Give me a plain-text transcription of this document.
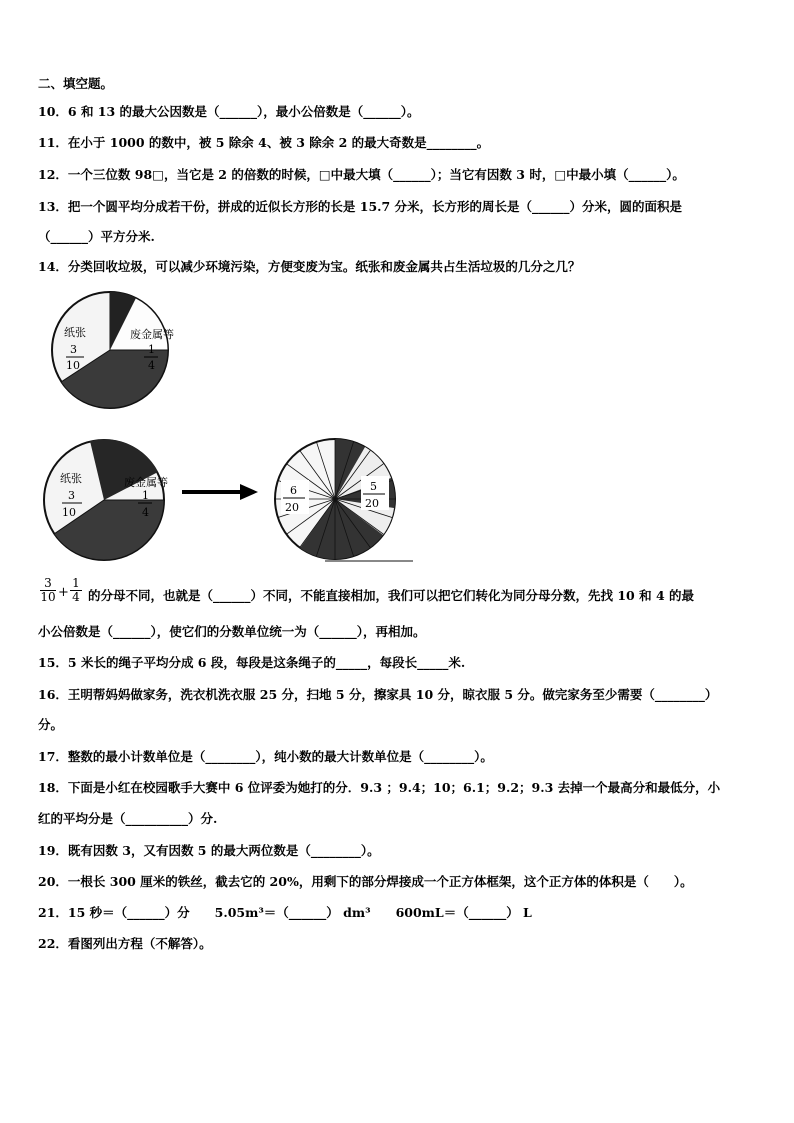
二、填空题。
10．6 和 13 的最大公因数是（______），最小公倍数是（______）。
11．在小于 1000 的数中，被 5 除余 4、被 3 除余 2 的最大奇数是________。
12．一个三位数 98□，当它是 2 的倍数的时候，□中最大填（______）；当它有因数 3 时，□中最小填（______）。
13．把一个圆平均分成若干份，拼成的近似长方形的长是 15.7 分米，长方形的周长是（______）分米，圆的面积是
（______）平方分米.
14．分类回收垃圾，可以减少环境污染，方便变废为宝。纸张和废金属共占生活垃圾的几分之几？
纸张
3
10
废金属等
1
4
纸张
3
10
废金属等
1
4
6
20
5
20
$\frac{3}{10} + \frac{1}{4}$ 的分母不同，也就是（______）不同，不能直接相加，我们可以把它们转化为同分母分数，先找 10 和 4 的最
小公倍数是（______），使它们的分数单位统一为（______），再相加。
15．5 米长的绳子平均分成 6 段，每段是这条绳子的_____，每段长_____米.
16．王明帮妈妈做家务，洗衣机洗衣服 25 分，扫地 5 分，擦家具 10 分，晾衣服 5 分。做完家务至少需要（________）
分。
17．整数的最小计数单位是（________），纯小数的最大计数单位是（________）。
18．下面是小红在校园歌手大赛中 6 位评委为她打的分．9.3 ；9.4；10；6.1；9.2；9.3 去掉一个最高分和最低分，小
红的平均分是（__________）分.
19．既有因数 3，又有因数 5 的最大两位数是（________）。
20．一根长 300 厘米的铁丝，截去它的 20%，用剩下的部分焊接成一个正方体框架，这个正方体的体积是（　　）。
21．15 秒＝（______）分　　5.05m³＝（______） dm³　　600mL＝（______） L
22．看图列出方程（不解答）。
